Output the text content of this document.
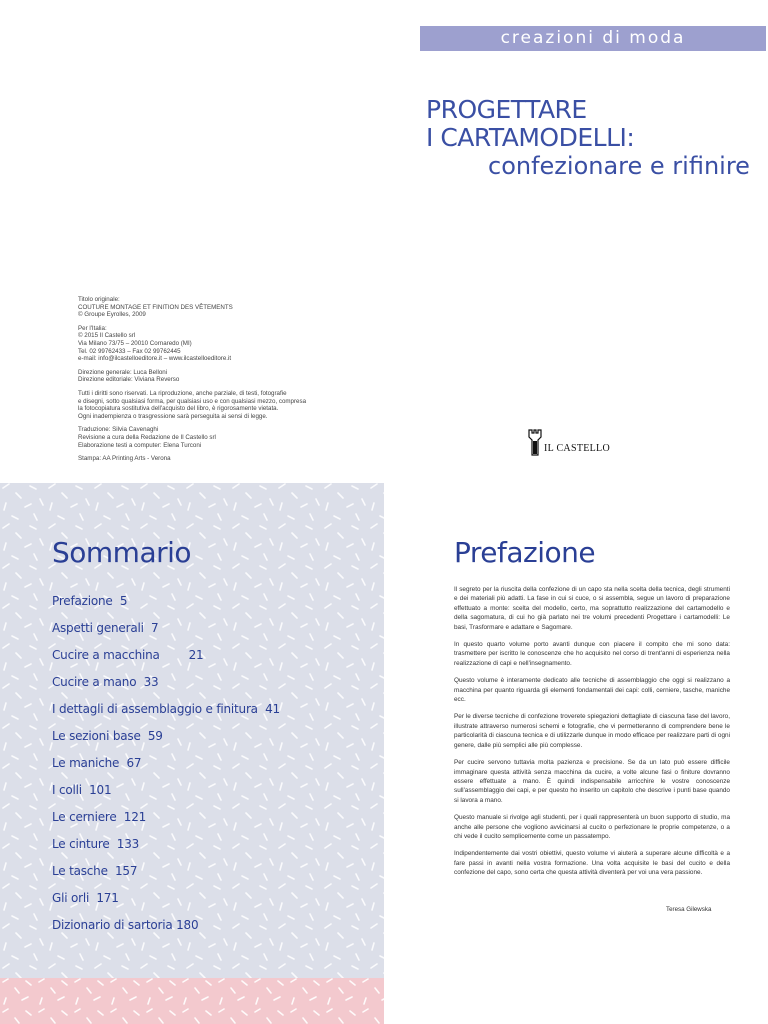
creazioni di moda
PROGETTARE
I CARTAMODELLI:
confezionare e rifinire

Titolo originale:
COUTURE MONTAGE ET FINITION DES VÊTEMENTS
© Groupe Eyrolles, 2009

Per l'Italia:
© 2015 Il Castello srl
Via Milano 73/75 – 20010 Cornaredo (MI)
Tel. 02 99762433 – Fax 02 99762445
e-mail: info@ilcastelloeditore.it – www.ilcastelloeditore.it

Direzione generale: Luca Belloni
Direzione editoriale: Viviana Reverso

Tutti i diritti sono riservati. La riproduzione, anche parziale, di testi, fotografie
e disegni, sotto qualsiasi forma, per qualsiasi uso e con qualsiasi mezzo, compresa
la fotocopiatura sostitutiva dell'acquisto del libro, è rigorosamente vietata.
Ogni inadempienza o trasgressione sarà perseguita ai sensi di legge.

Traduzione: Silvia Cavenaghi
Revisione a cura della Redazione de Il Castello srl
Elaborazione testi a computer: Elena Turconi

Stampa: AA Printing Arts - Verona

IL CASTELLO
Sommario
Prefazione  5
Aspetti generali  7
Cucire a macchina        21
Cucire a mano  33
I dettagli di assemblaggio e finitura  41
Le sezioni base  59
Le maniche  67
I colli  101
Le cerniere  121
Le cinture  133
Le tasche  157
Gli orli  171
Dizionario di sartoria 180
Prefazione

Il segreto per la riuscita della confezione di un capo sta nella scelta della tecnica, degli strumenti e dei materiali più adatti. La fase in cui si cuce, o si assembla, segue un lavoro di preparazione effettuato a monte: scelta del modello, certo, ma soprattutto realizzazione del cartamodello e della sagomatura, di cui ho già parlato nei tre volumi precedenti Progettare i cartamodelli: Le basi, Trasformare e adattare e Sagomare.

In questo quarto volume porto avanti dunque con piacere il compito che mi sono data: trasmettere per iscritto le conoscenze che ho acquisito nel corso di trent'anni di esperienza nella realizzazione di capi e nell'insegnamento.

Questo volume è interamente dedicato alle tecniche di assemblaggio che oggi si realizzano a macchina per quanto riguarda gli elementi fondamentali dei capi: colli, cerniere, tasche, maniche ecc.

Per le diverse tecniche di confezione troverete spiegazioni dettagliate di ciascuna fase del lavoro, illustrate attraverso numerosi schemi e fotografie, che vi permetteranno di comprendere bene le particolarità di ciascuna tecnica e di utilizzarle dunque in modo efficace per realizzare parti di ogni genere, dalle più semplici alle più complesse.

Per cucire servono tuttavia molta pazienza e precisione. Se da un lato può essere difficile immaginare questa attività senza macchina da cucire, a volte alcune fasi o finiture dovranno essere effettuate a mano. È quindi indispensabile arricchire le vostre conoscenze sull'assemblaggio dei capi, e per questo ho inserito un capitolo che descrive i punti base quando si lavora a mano.

Questo manuale si rivolge agli studenti, per i quali rappresenterà un buon supporto di studio, ma anche alle persone che vogliono avvicinarsi al cucito o perfezionare le proprie competenze, o a chi vede il cucito semplicemente come un passatempo.

Indipendentemente dai vostri obiettivi, questo volume vi aiuterà a superare alcune difficoltà e a fare passi in avanti nella vostra formazione. Una volta acquisite le basi del cucito e della confezione del capo, sono certa che questa attività diventerà per voi una vera passione.

Teresa Gilewska
